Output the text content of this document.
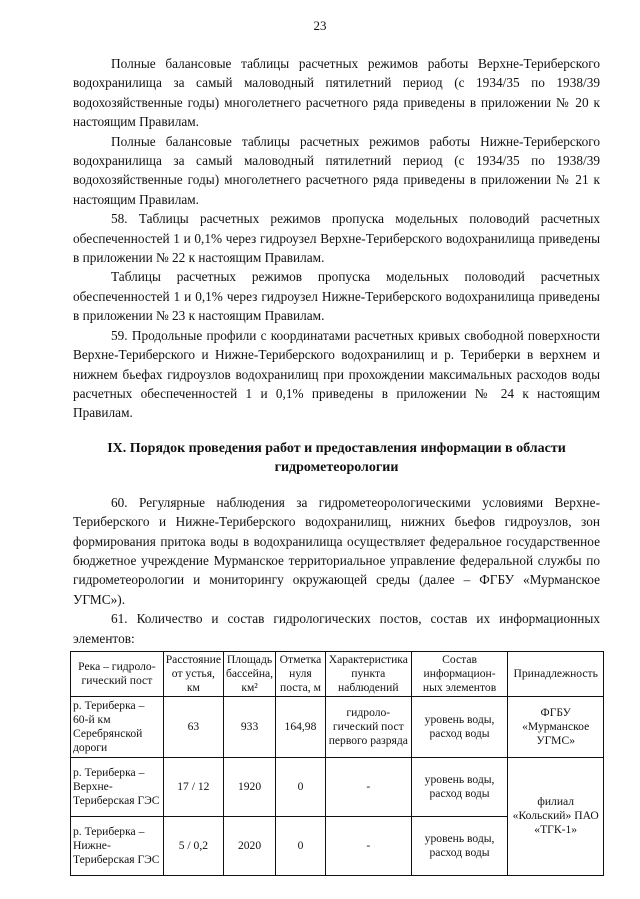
23

Полные балансовые таблицы расчетных режимов работы Верхне-Териберского водохранилища за самый маловодный пятилетний период (с 1934/35 по 1938/39 водохозяйственные годы) многолетнего расчетного ряда приведены в приложении № 20 к настоящим Правилам.

Полные балансовые таблицы расчетных режимов работы Нижне-Териберского водохранилища за самый маловодный пятилетний период (с 1934/35 по 1938/39 водохозяйственные годы) многолетнего расчетного ряда приведены в приложении № 21 к настоящим Правилам.

58. Таблицы расчетных режимов пропуска модельных половодий расчетных обеспеченностей 1 и 0,1% через гидроузел Верхне-Териберского водохранилища приведены в приложении № 22 к настоящим Правилам.

Таблицы расчетных режимов пропуска модельных половодий расчетных обеспеченностей 1 и 0,1% через гидроузел Нижне-Териберского водохранилища приведены в приложении № 23 к настоящим Правилам.

59. Продольные профили с координатами расчетных кривых свободной поверхности Верхне-Териберского и Нижне-Териберского водохранилищ и р. Териберки в верхнем и нижнем бьефах гидроузлов водохранилищ при прохождении максимальных расходов воды расчетных обеспеченностей 1 и 0,1% приведены в приложении № 24 к настоящим Правилам.

IX. Порядок проведения работ и предоставления информации в области гидрометеорологии

60. Регулярные наблюдения за гидрометеорологическими условиями Верхне-Териберского и Нижне-Териберского водохранилищ, нижних бьефов гидроузлов, зон формирования притока воды в водохранилища осуществляет федеральное государственное бюджетное учреждение Мурманское территориальное управление федеральной службы по гидрометеорологии и мониторингу окружающей среды (далее – ФГБУ «Мурманское УГМС»).

61. Количество и состав гидрологических постов, состав их информационных элементов:

Река – гидроло-гический пост	Расстояние от устья, км	Площадь бассейна, км²	Отметка нуля поста, м	Характеристика пункта наблюдений	Состав информацион-ных элементов	Принадлежность
р. Териберка – 60-й км Серебрянской дороги	63	933	164,98	гидроло-гический пост первого разряда	уровень воды, расход воды	ФГБУ «Мурманское УГМС»
р. Териберка – Верхне-Териберская ГЭС	17 / 12	1920	0	-	уровень воды, расход воды	филиал «Кольский» ПАО «ТГК-1»
р. Териберка – Нижне-Териберская ГЭС	5 / 0,2	2020	0	-	уровень воды, расход воды	
